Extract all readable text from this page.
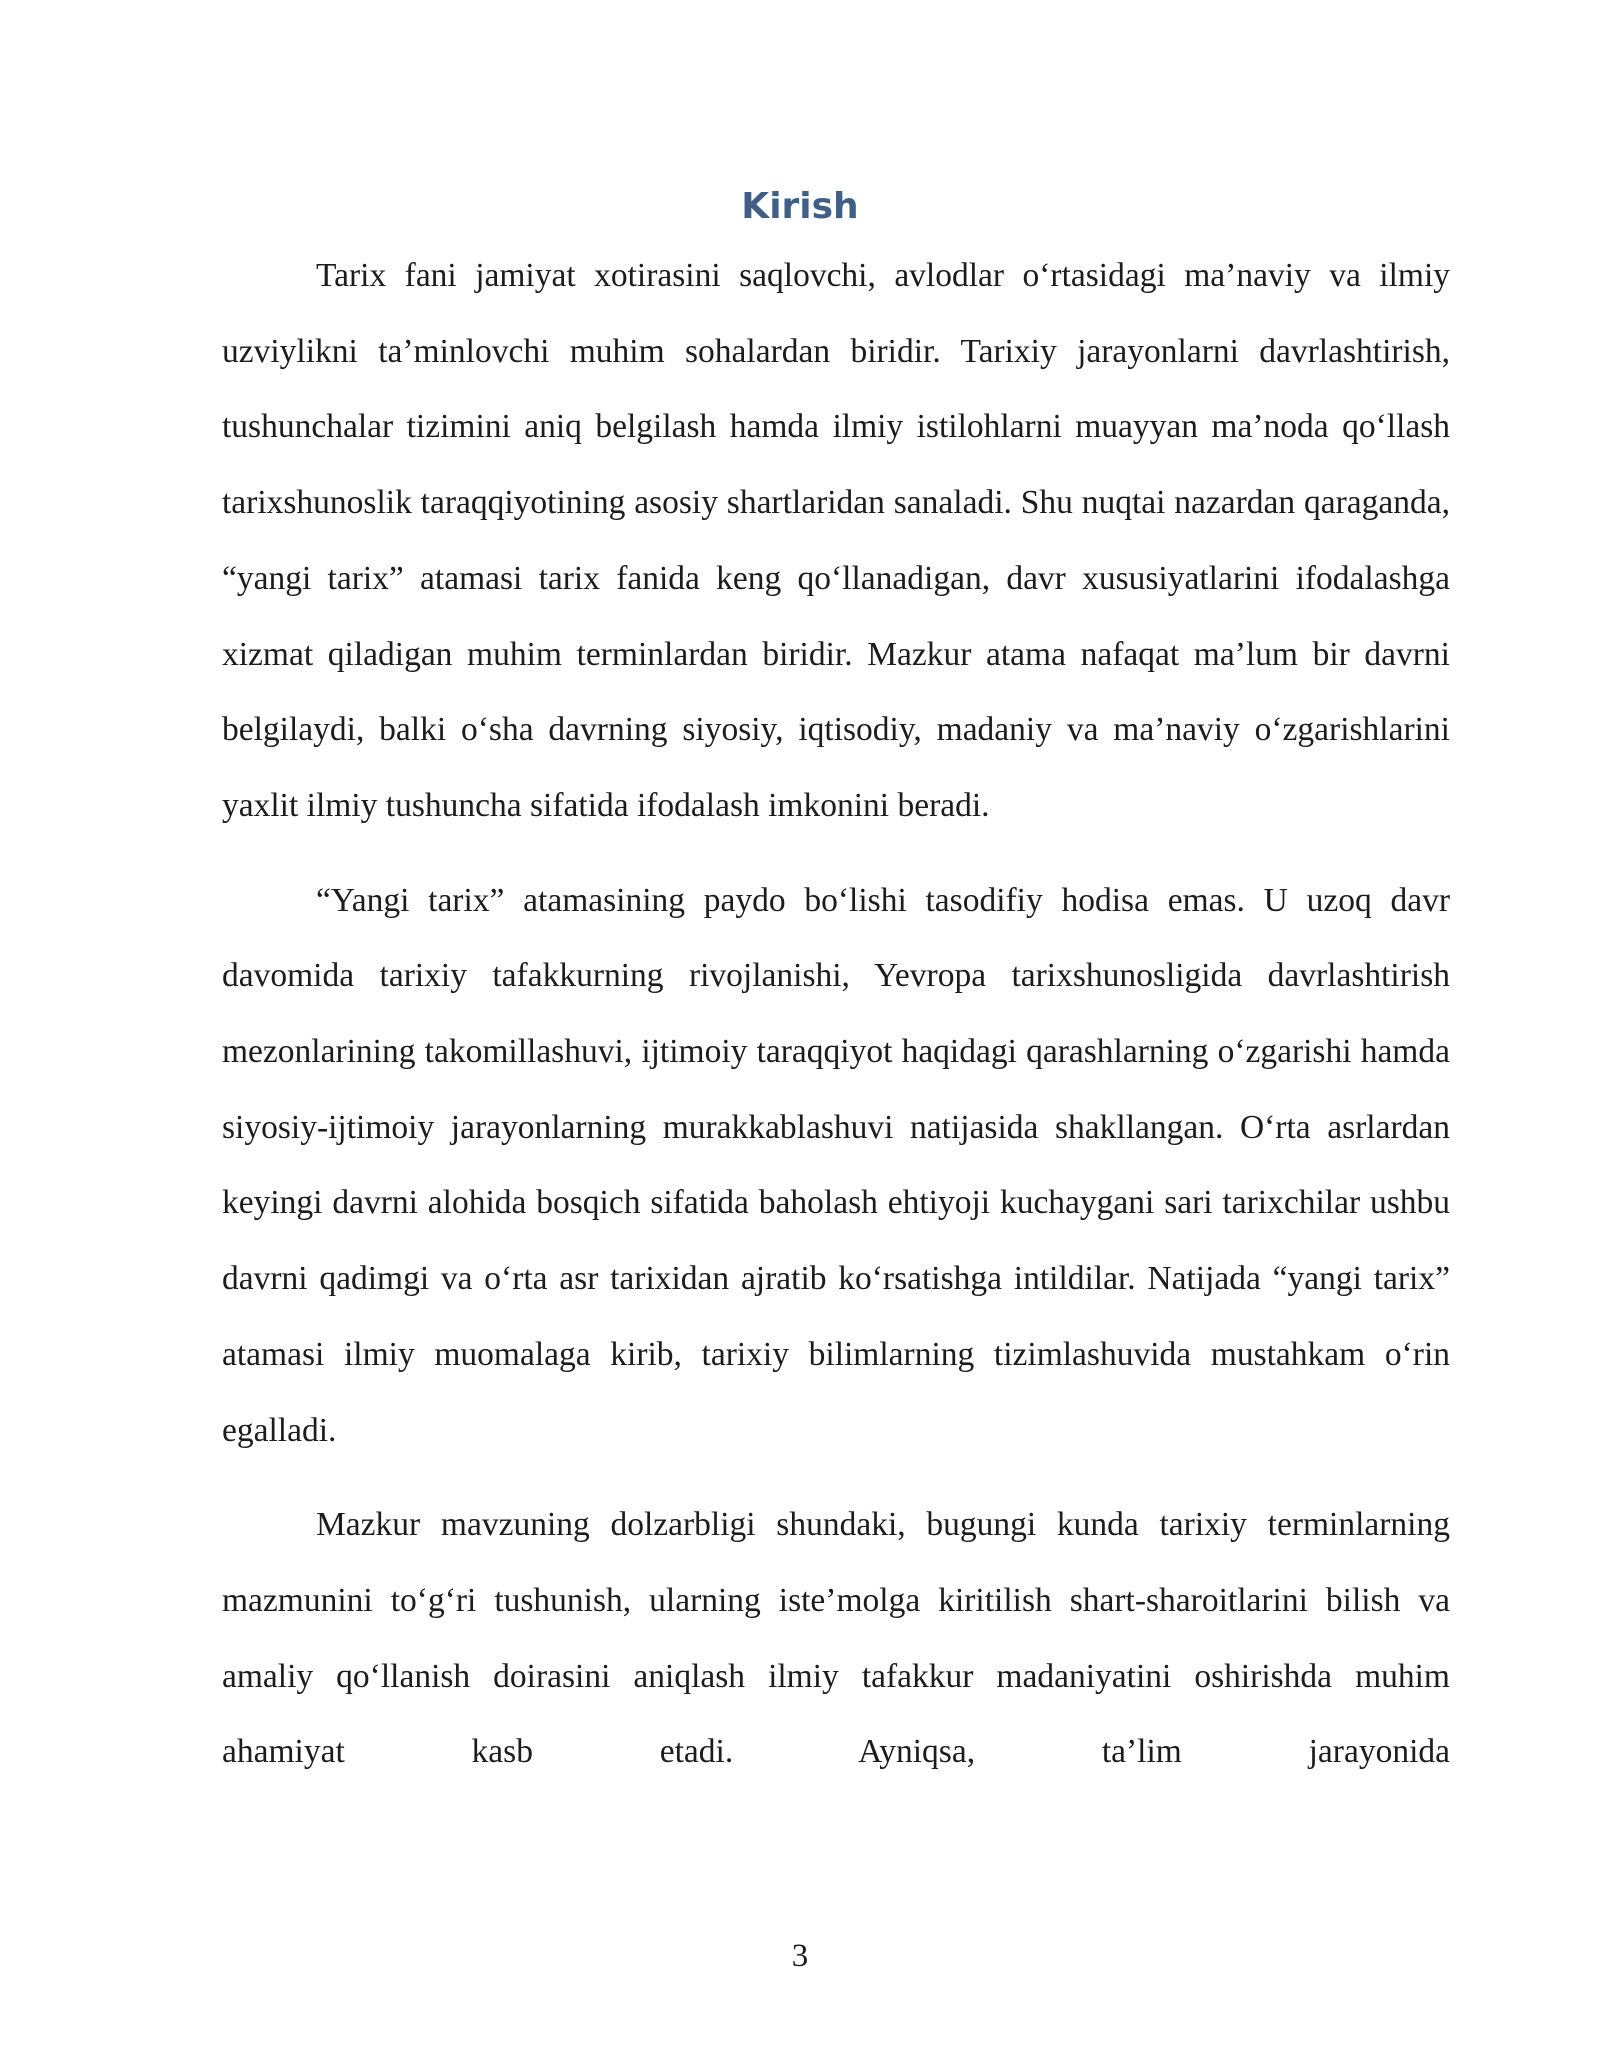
Kirish

Tarix fani jamiyat xotirasini saqlovchi, avlodlar o‘rtasidagi ma’naviy va ilmiy uzviylikni ta’minlovchi muhim sohalardan biridir. Tarixiy jarayonlarni davrlashtirish, tushunchalar tizimini aniq belgilash hamda ilmiy istilohlarni muayyan ma’noda qo‘llash tarixshunoslik taraqqiyotining asosiy shartlaridan sanaladi. Shu nuqtai nazardan qaraganda, “yangi tarix” atamasi tarix fanida keng qo‘llanadigan, davr xususiyatlarini ifodalashga xizmat qiladigan muhim terminlardan biridir. Mazkur atama nafaqat ma’lum bir davrni belgilaydi, balki o‘sha davrning siyosiy, iqtisodiy, madaniy va ma’naviy o‘zgarishlarini yaxlit ilmiy tushuncha sifatida ifodalash imkonini beradi.

“Yangi tarix” atamasining paydo bo‘lishi tasodifiy hodisa emas. U uzoq davr davomida tarixiy tafakkurning rivojlanishi, Yevropa tarixshunosligida davrlashtirish mezonlarining takomillashuvi, ijtimoiy taraqqiyot haqidagi qarashlarning o‘zgarishi hamda siyosiy-ijtimoiy jarayonlarning murakkablashuvi natijasida shakllangan. O‘rta asrlardan keyingi davrni alohida bosqich sifatida baholash ehtiyoji kuchaygani sari tarixchilar ushbu davrni qadimgi va o‘rta asr tarixidan ajratib ko‘rsatishga intildilar. Natijada “yangi tarix” atamasi ilmiy muomalaga kirib, tarixiy bilimlarning tizimlashuvida mustahkam o‘rin egalladi.

Mazkur mavzuning dolzarbligi shundaki, bugungi kunda tarixiy terminlarning mazmunini to‘g‘ri tushunish, ularning iste’molga kiritilish shart-sharoitlarini bilish va amaliy qo‘llanish doirasini aniqlash ilmiy tafakkur madaniyatini oshirishda muhim ahamiyat kasb etadi. Ayniqsa, ta’lim jarayonida

3
